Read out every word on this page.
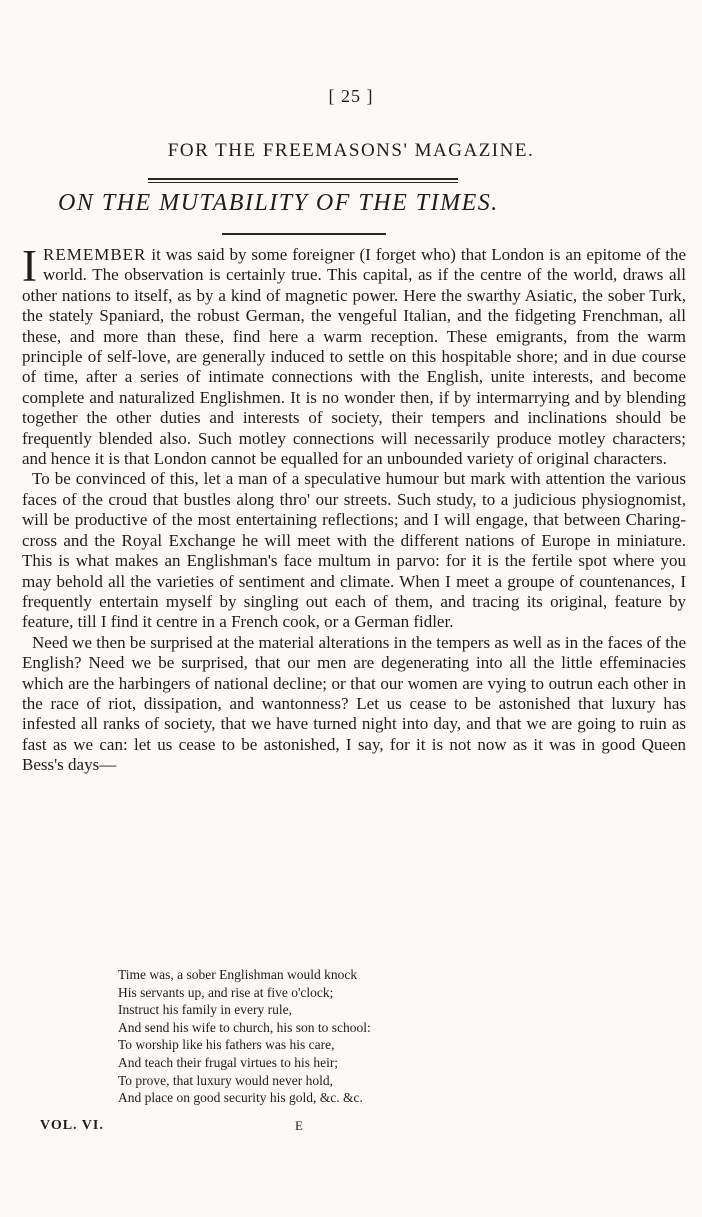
[ 25 ]
FOR THE FREEMASONS' MAGAZINE.
ON THE MUTABILITY OF THE TIMES.

IREMEMBER it was said by some foreigner (I forget who) that London is an epitome of the world. The observation is certainly true. This capital, as if the centre of the world, draws all other nations to itself, as by a kind of magnetic power. Here the swarthy Asiatic, the sober Turk, the stately Spaniard, the robust German, the vengeful Italian, and the fidgeting Frenchman, all these, and more than these, find here a warm reception. These emigrants, from the warm principle of self-love, are generally induced to settle on this hospitable shore; and in due course of time, after a series of intimate connections with the English, unite interests, and become complete and naturalized Englishmen. It is no wonder then, if by intermarrying and by blending together the other duties and interests of society, their tempers and inclinations should be frequently blended also. Such motley connections will necessarily produce motley characters; and hence it is that London cannot be equalled for an unbounded variety of original characters.

To be convinced of this, let a man of a speculative humour but mark with attention the various faces of the croud that bustles along thro' our streets. Such study, to a judicious physiognomist, will be productive of the most entertaining reflections; and I will engage, that between Charing-cross and the Royal Exchange he will meet with the different nations of Europe in miniature. This is what makes an Englishman's face multum in parvo: for it is the fertile spot where you may behold all the varieties of sentiment and climate. When I meet a groupe of countenances, I frequently entertain myself by singling out each of them, and tracing its original, feature by feature, till I find it centre in a French cook, or a German fidler.

Need we then be surprised at the material alterations in the tempers as well as in the faces of the English? Need we be surprised, that our men are degenerating into all the little effeminacies which are the harbingers of national decline; or that our women are vying to outrun each other in the race of riot, dissipation, and wantonness? Let us cease to be astonished that luxury has infested all ranks of society, that we have turned night into day, and that we are going to ruin as fast as we can: let us cease to be astonished, I say, for it is not now as it was in good Queen Bess's days—

Time was, a sober Englishman would knock
His servants up, and rise at five o'clock;
Instruct his family in every rule,
And send his wife to church, his son to school:
To worship like his fathers was his care,
And teach their frugal virtues to his heir;
To prove, that luxury would never hold,
And place on good security his gold, &c. &c.
VOL. VI.	E
